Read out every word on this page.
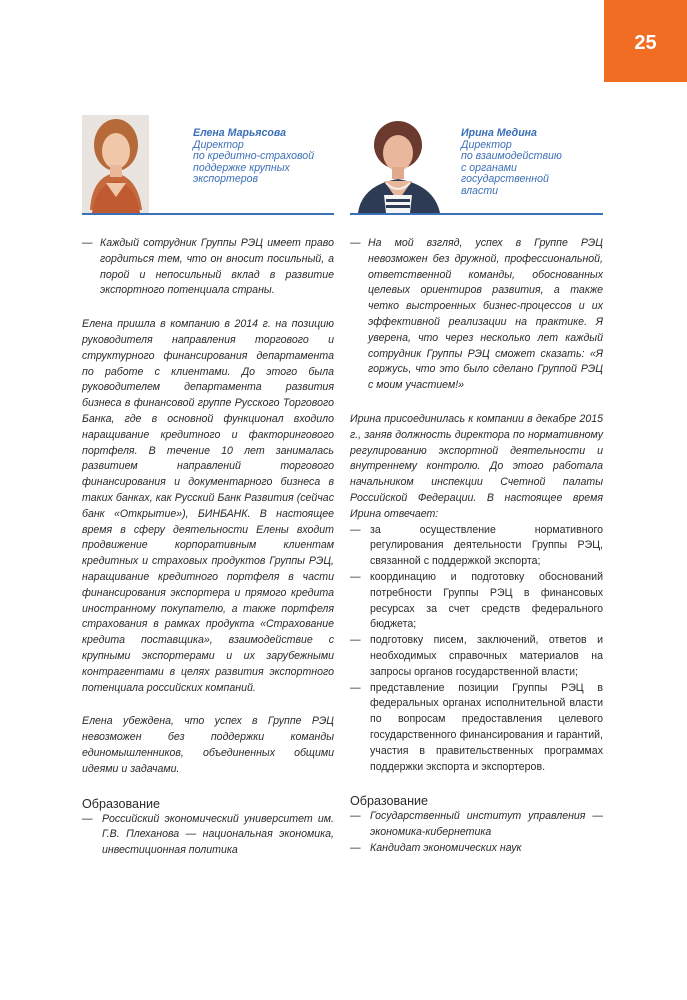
25
Елена Марьясова
Директор
по кредитно-страховой
поддержке крупных
экспортеров
— Каждый сотрудник Группы РЭЦ имеет право гордиться тем, что он вносит посильный, а порой и непосильный вклад в развитие экспортного потенциала страны.

Елена пришла в компанию в 2014 г. на позицию руководителя направления торгового и структурного финансирования департамента по работе с клиентами. До этого была руководителем департамента развития бизнеса в финансовой группе Русского Торгового Банка, где в основной функционал входило наращивание кредитного и факторингового портфеля. В течение 10 лет занималась развитием направлений торгового финансирования и документарного бизнеса в таких банках, как Русский Банк Развития (сейчас банк «Открытие»), БИНБАНК. В настоящее время в сферу деятельности Елены входит продвижение корпоративным клиентам кредитных и страховых продуктов Группы РЭЦ, наращивание кредитного портфеля в части финансирования экспортера и прямого кредита иностранному покупателю, а также портфеля страхования в рамках продукта «Страхование кредита поставщика», взаимодействие с крупными экспортерами и их зарубежными контрагентами в целях развития экспортного потенциала российских компаний.

Елена убеждена, что успех в Группе РЭЦ невозможен без поддержки команды единомышленников, объединенных общими идеями и задачами.

Образование
— Российский экономический университет им. Г.В. Плеханова — национальная экономика, инвестиционная политика
Ирина Медина
Директор
по взаимодействию
с органами
государственной
власти
— На мой взгляд, успех в Группе РЭЦ невозможен без дружной, профессиональной, ответственной команды, обоснованных целевых ориентиров развития, а также четко выстроенных бизнес-процессов и их эффективной реализации на практике. Я уверена, что через несколько лет каждый сотрудник Группы РЭЦ сможет сказать: «Я горжусь, что это было сделано Группой РЭЦ с моим участием!»

Ирина присоединилась к компании в декабре 2015 г., заняв должность директора по нормативному регулированию экспортной деятельности и внутреннему контролю. До этого работала начальником инспекции Счетной палаты Российской Федерации. В настоящее время Ирина отвечает:

— за осуществление нормативного регулирования деятельности Группы РЭЦ, связанной с поддержкой экспорта;
— координацию и подготовку обоснований потребности Группы РЭЦ в финансовых ресурсах за счет средств федерального бюджета;
— подготовку писем, заключений, ответов и необходимых справочных материалов на запросы органов государственной власти;
— представление позиции Группы РЭЦ в федеральных органах исполнительной власти по вопросам предоставления целевого государственного финансирования и гарантий, участия в правительственных программах поддержки экспорта и экспортеров.
Образование
— Государственный институт управления — экономика-кибернетика
— Кандидат экономических наук
